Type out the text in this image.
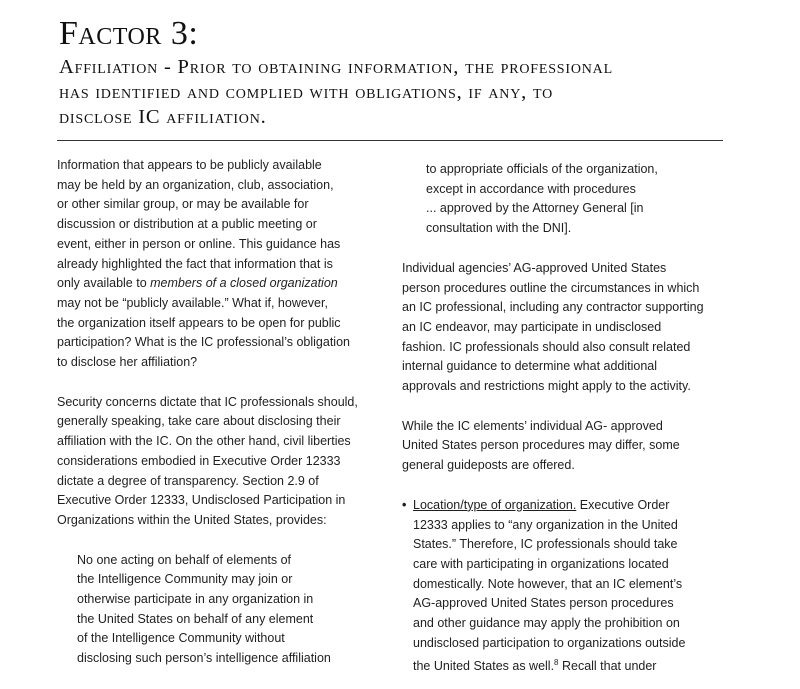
Factor 3:
Affiliation - Prior to obtaining information, the professional
has identified and complied with obligations, if any, to
disclose IC affiliation.
Information that appears to be publicly available
may be held by an organization, club, association,
or other similar group, or may be available for
discussion or distribution at a public meeting or
event, either in person or online. This guidance has
already highlighted the fact that information that is
only available to members of a closed organization
may not be “publicly available.” What if, however,
the organization itself appears to be open for public
participation? What is the IC professional’s obligation
to disclose her affiliation?
Security concerns dictate that IC professionals should,
generally speaking, take care about disclosing their
affiliation with the IC. On the other hand, civil liberties
considerations embodied in Executive Order 12333
dictate a degree of transparency. Section 2.9 of
Executive Order 12333, Undisclosed Participation in
Organizations within the United States, provides:
No one acting on behalf of elements of
the Intelligence Community may join or
otherwise participate in any organization in
the United States on behalf of any element
of the Intelligence Community without
disclosing such person’s intelligence affiliation
to appropriate officials of the organization,
except in accordance with procedures
... approved by the Attorney General [in
consultation with the DNI].
Individual agencies’ AG-approved United States
person procedures outline the circumstances in which
an IC professional, including any contractor supporting
an IC endeavor, may participate in undisclosed
fashion. IC professionals should also consult related
internal guidance to determine what additional
approvals and restrictions might apply to the activity.
While the IC elements’ individual AG- approved
United States person procedures may differ, some
general guideposts are offered.
• Location/type of organization. Executive Order
12333 applies to “any organization in the United
States.” Therefore, IC professionals should take
care with participating in organizations located
domestically. Note however, that an IC element’s
AG-approved United States person procedures
and other guidance may apply the prohibition on
undisclosed participation to organizations outside
the United States as well.$^8$ Recall that under
